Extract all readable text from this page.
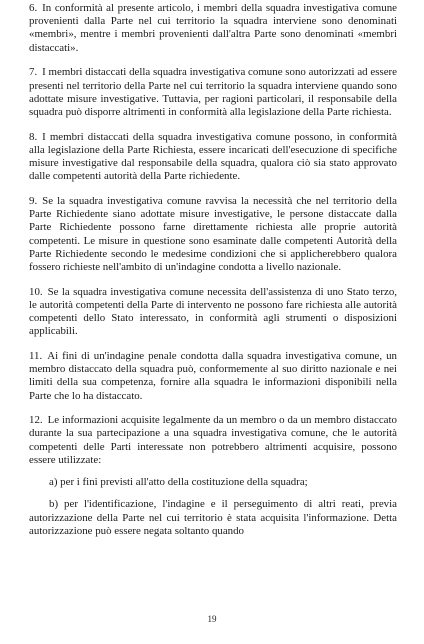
6. In conformità al presente articolo, i membri della squadra investigativa comune provenienti dalla Parte nel cui territorio la squadra interviene sono denominati «membri», mentre i membri provenienti dall'altra Parte sono denominati «membri distaccati».

7. I membri distaccati della squadra investigativa comune sono autorizzati ad essere presenti nel territorio della Parte nel cui territorio la squadra interviene quando sono adottate misure investigative. Tuttavia, per ragioni particolari, il responsabile della squadra può disporre altrimenti in conformità alla legislazione della Parte richiesta.

8. I membri distaccati della squadra investigativa comune possono, in conformità alla legislazione della Parte Richiesta, essere incaricati dell'esecuzione di specifiche misure investigative dal responsabile della squadra, qualora ciò sia stato approvato dalle competenti autorità della Parte richiedente.

9. Se la squadra investigativa comune ravvisa la necessità che nel territorio della Parte Richiedente siano adottate misure investigative, le persone distaccate dalla Parte Richiedente possono farne direttamente richiesta alle proprie autorità competenti. Le misure in questione sono esaminate dalle competenti Autorità della Parte Richiedente secondo le medesime condizioni che si applicherebbero qualora fossero richieste nell'ambito di un'indagine condotta a livello nazionale.

10. Se la squadra investigativa comune necessita dell'assistenza di uno Stato terzo, le autorità competenti della Parte di intervento ne possono fare richiesta alle autorità competenti dello Stato interessato, in conformità agli strumenti o disposizioni applicabili.

11. Ai fini di un'indagine penale condotta dalla squadra investigativa comune, un membro distaccato della squadra può, conformemente al suo diritto nazionale e nei limiti della sua competenza, fornire alla squadra le informazioni disponibili nella Parte che lo ha distaccato.

12. Le informazioni acquisite legalmente da un membro o da un membro distaccato durante la sua partecipazione a una squadra investigativa comune, che le autorità competenti delle Parti interessate non potrebbero altrimenti acquisire, possono essere utilizzate:

a) per i fini previsti all'atto della costituzione della squadra;

b) per l'identificazione, l'indagine e il perseguimento di altri reati, previa autorizzazione della Parte nel cui territorio è stata acquisita l'informazione. Detta autorizzazione può essere negata soltanto quando

19
